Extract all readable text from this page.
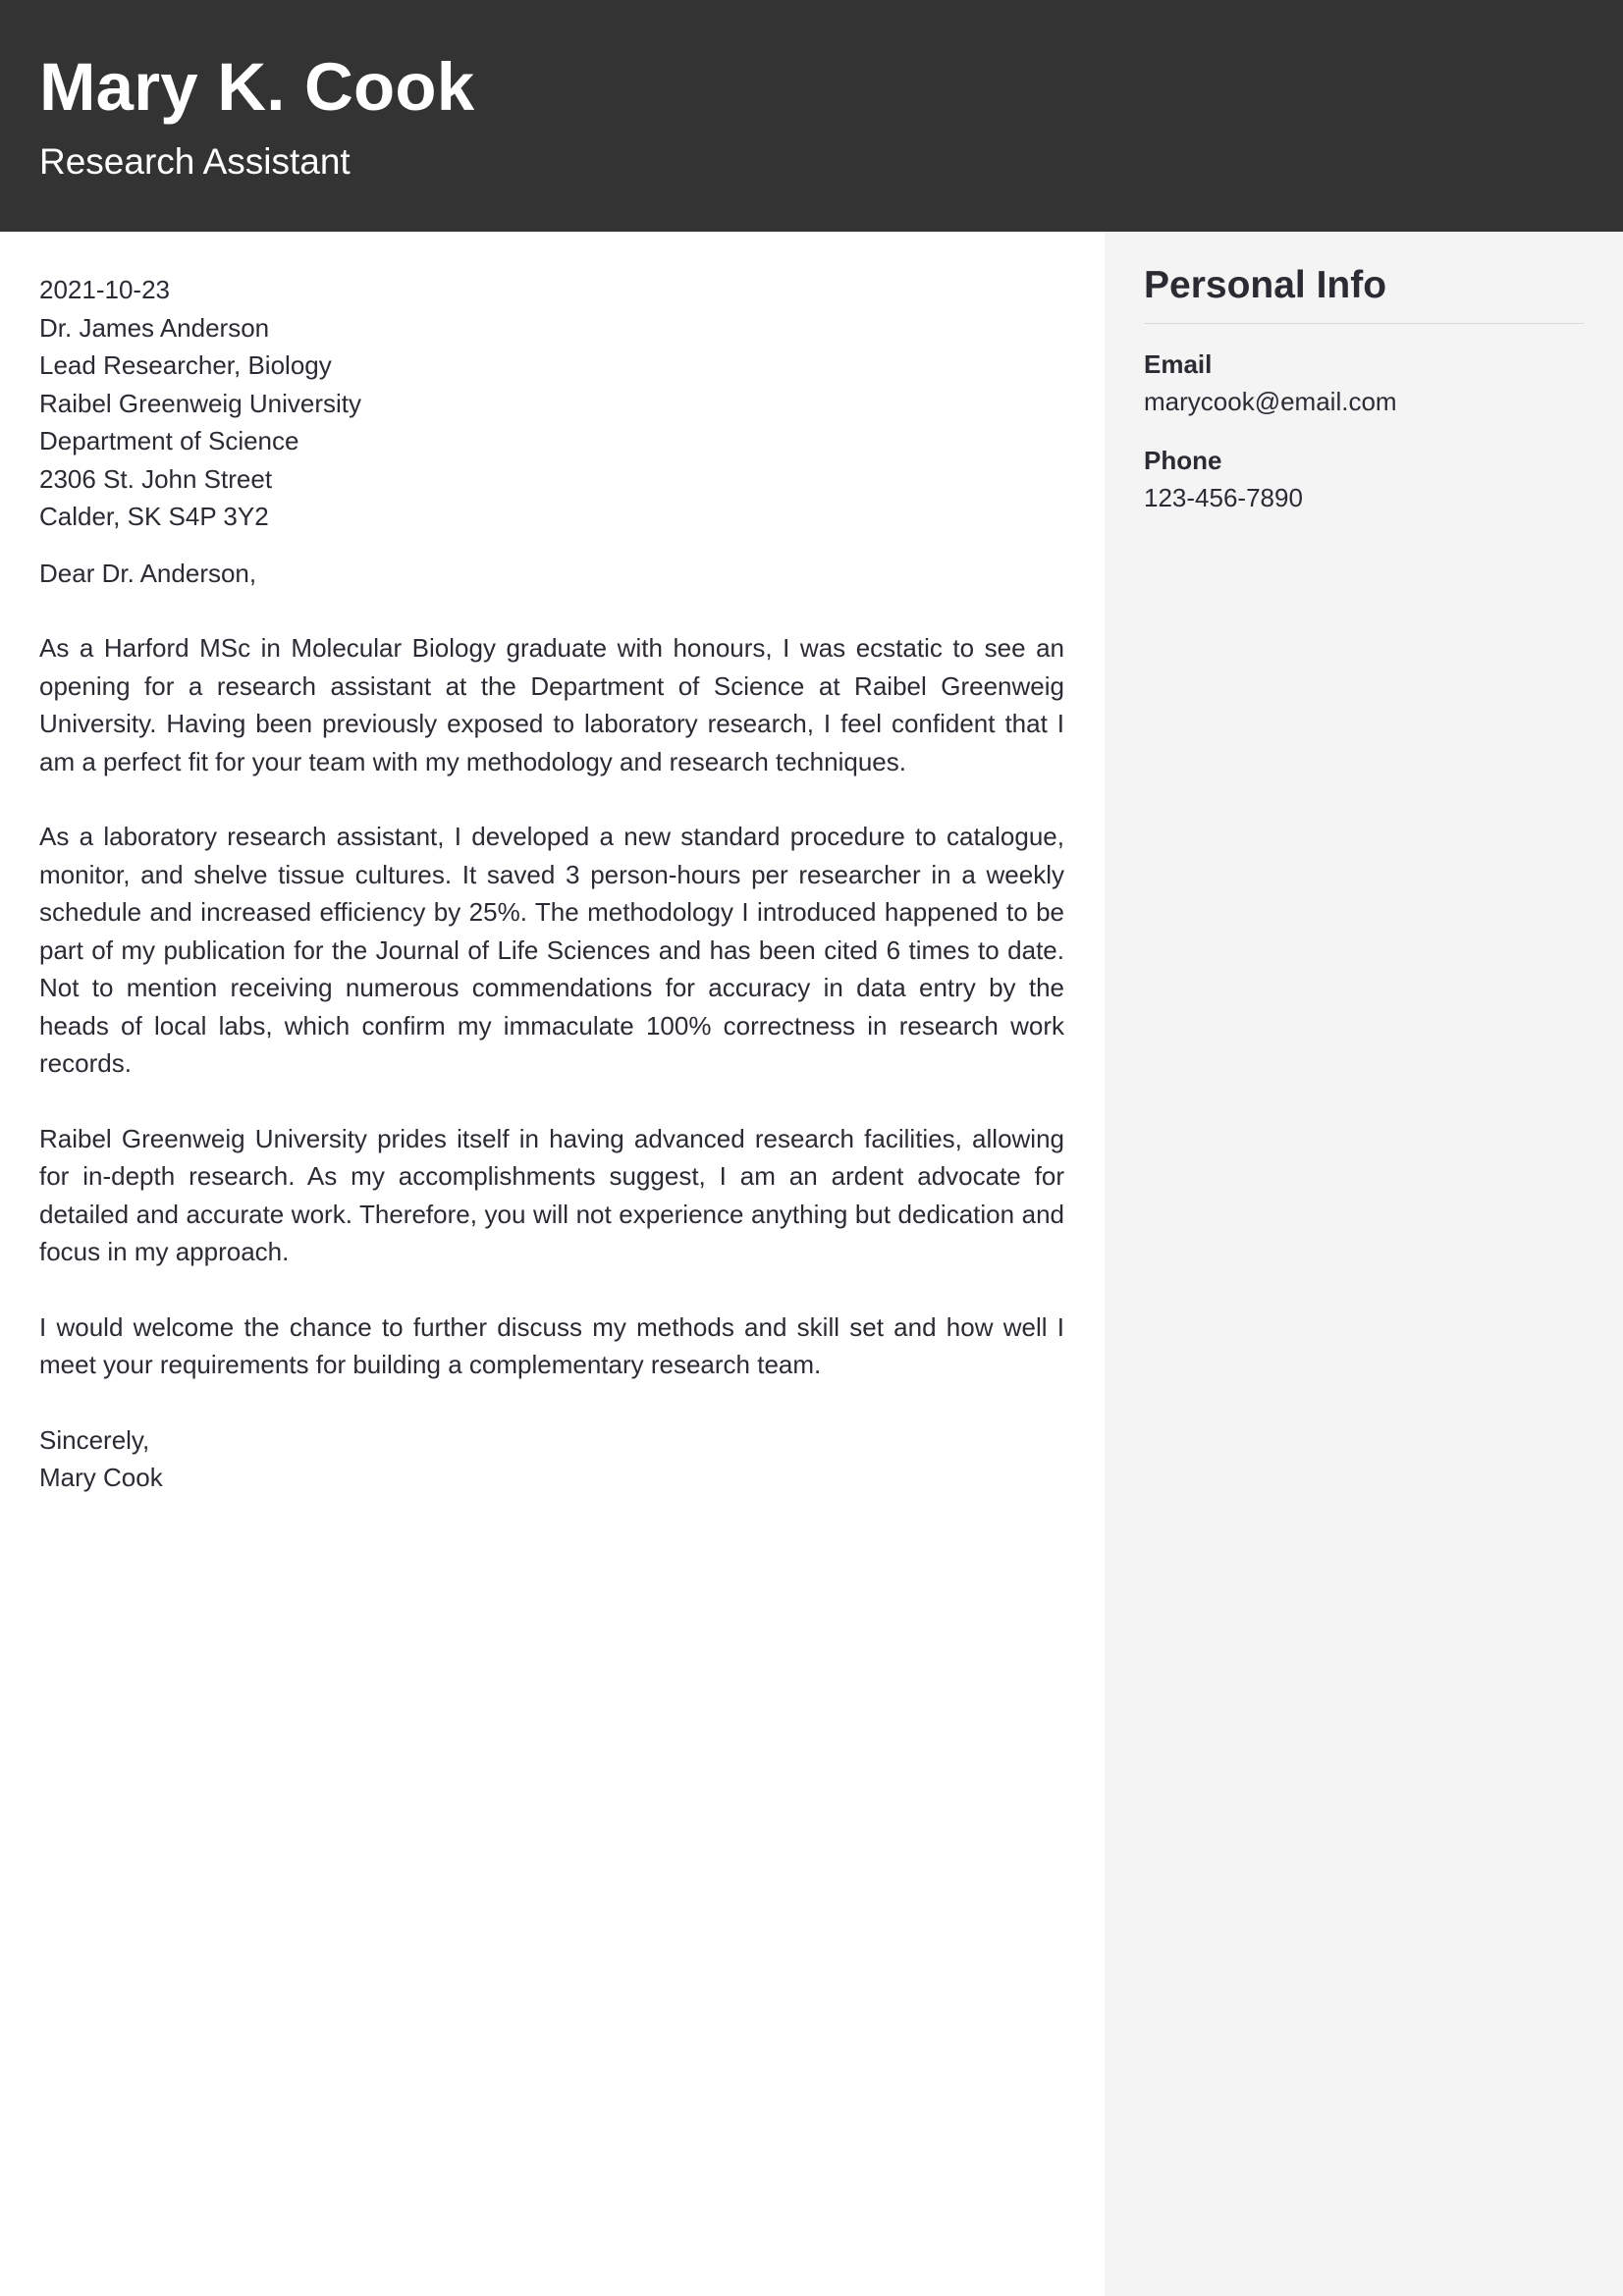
Mary K. Cook
Research Assistant

2021-10-23

Dr. James Anderson

Lead Researcher, Biology

Raibel Greenweig University

Department of Science

2306 St. John Street

Calder, SK S4P 3Y2

Dear Dr. Anderson,

As a Harford MSc in Molecular Biology graduate with honours, I was ecstatic to see an opening for a research assistant at the Department of Science at Raibel Greenweig University. Having been previously exposed to laboratory research, I feel confident that I am a perfect fit for your team with my methodology and research techniques.

As a laboratory research assistant, I developed a new standard procedure to catalogue, monitor, and shelve tissue cultures. It saved 3 person-hours per researcher in a weekly schedule and increased efficiency by 25%. The methodology I introduced happened to be part of my publication for the Journal of Life Sciences and has been cited 6 times to date. Not to mention receiving numerous commendations for accuracy in data entry by the heads of local labs, which confirm my immaculate 100% correctness in research work records.

Raibel Greenweig University prides itself in having advanced research facilities, allowing for in-depth research. As my accomplishments suggest, I am an ardent advocate for detailed and accurate work. Therefore, you will not experience anything but dedication and focus in my approach.

I would welcome the chance to further discuss my methods and skill set and how well I meet your requirements for building a complementary research team.

Sincerely,

Mary Cook

Personal Info

Email

marycook@email.com

Phone

123-456-7890
